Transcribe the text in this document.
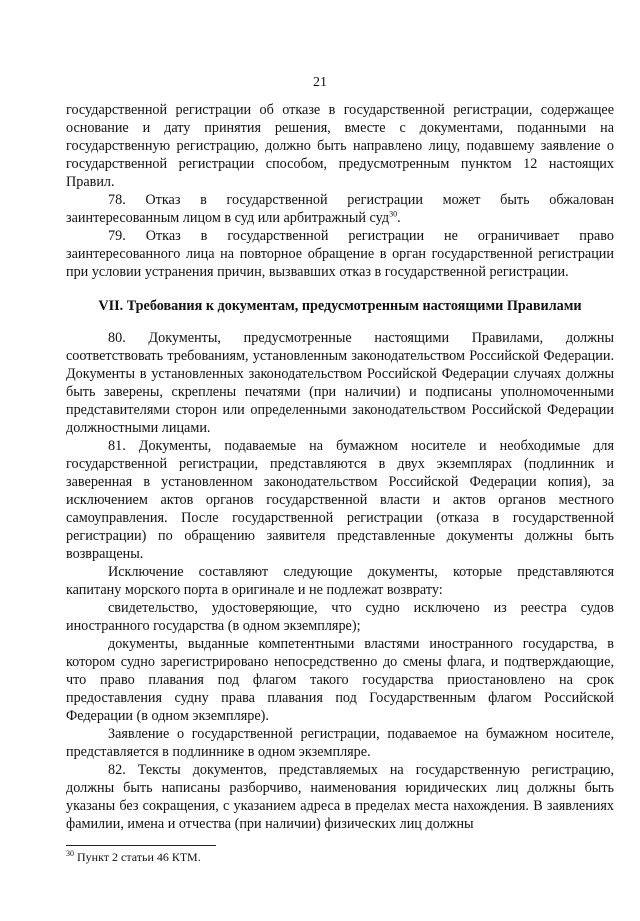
21

государственной регистрации об отказе в государственной регистрации, содержащее основание и дату принятия решения, вместе с документами, поданными на государственную регистрацию, должно быть направлено лицу, подавшему заявление о государственной регистрации способом, предусмотренным пунктом 12 настоящих Правил.

78. Отказ в государственной регистрации может быть обжалован заинтересованным лицом в суд или арбитражный суд$^{30}$.

79. Отказ в государственной регистрации не ограничивает право заинтересованного лица на повторное обращение в орган государственной регистрации при условии устранения причин, вызвавших отказ в государственной регистрации.

VII. Требования к документам, предусмотренным настоящими Правилами

80. Документы, предусмотренные настоящими Правилами, должны соответствовать требованиям, установленным законодательством Российской Федерации. Документы в установленных законодательством Российской Федерации случаях должны быть заверены, скреплены печатями (при наличии) и подписаны уполномоченными представителями сторон или определенными законодательством Российской Федерации должностными лицами.

81. Документы, подаваемые на бумажном носителе и необходимые для государственной регистрации, представляются в двух экземплярах (подлинник и заверенная в установленном законодательством Российской Федерации копия), за исключением актов органов государственной власти и актов органов местного самоуправления. После государственной регистрации (отказа в государственной регистрации) по обращению заявителя представленные документы должны быть возвращены.

Исключение составляют следующие документы, которые представляются капитану морского порта в оригинале и не подлежат возврату:

свидетельство, удостоверяющие, что судно исключено из реестра судов иностранного государства (в одном экземпляре);

документы, выданные компетентными властями иностранного государства, в котором судно зарегистрировано непосредственно до смены флага, и подтверждающие, что право плавания под флагом такого государства приостановлено на срок предоставления судну права плавания под Государственным флагом Российской Федерации (в одном экземпляре).

Заявление о государственной регистрации, подаваемое на бумажном носителе, представляется в подлиннике в одном экземпляре.

82. Тексты документов, представляемых на государственную регистрацию, должны быть написаны разборчиво, наименования юридических лиц должны быть указаны без сокращения, с указанием адреса в пределах места нахождения. В заявлениях фамилии, имена и отчества (при наличии) физических лиц должны

$^{30}$ Пункт 2 статьи 46 КТМ.
